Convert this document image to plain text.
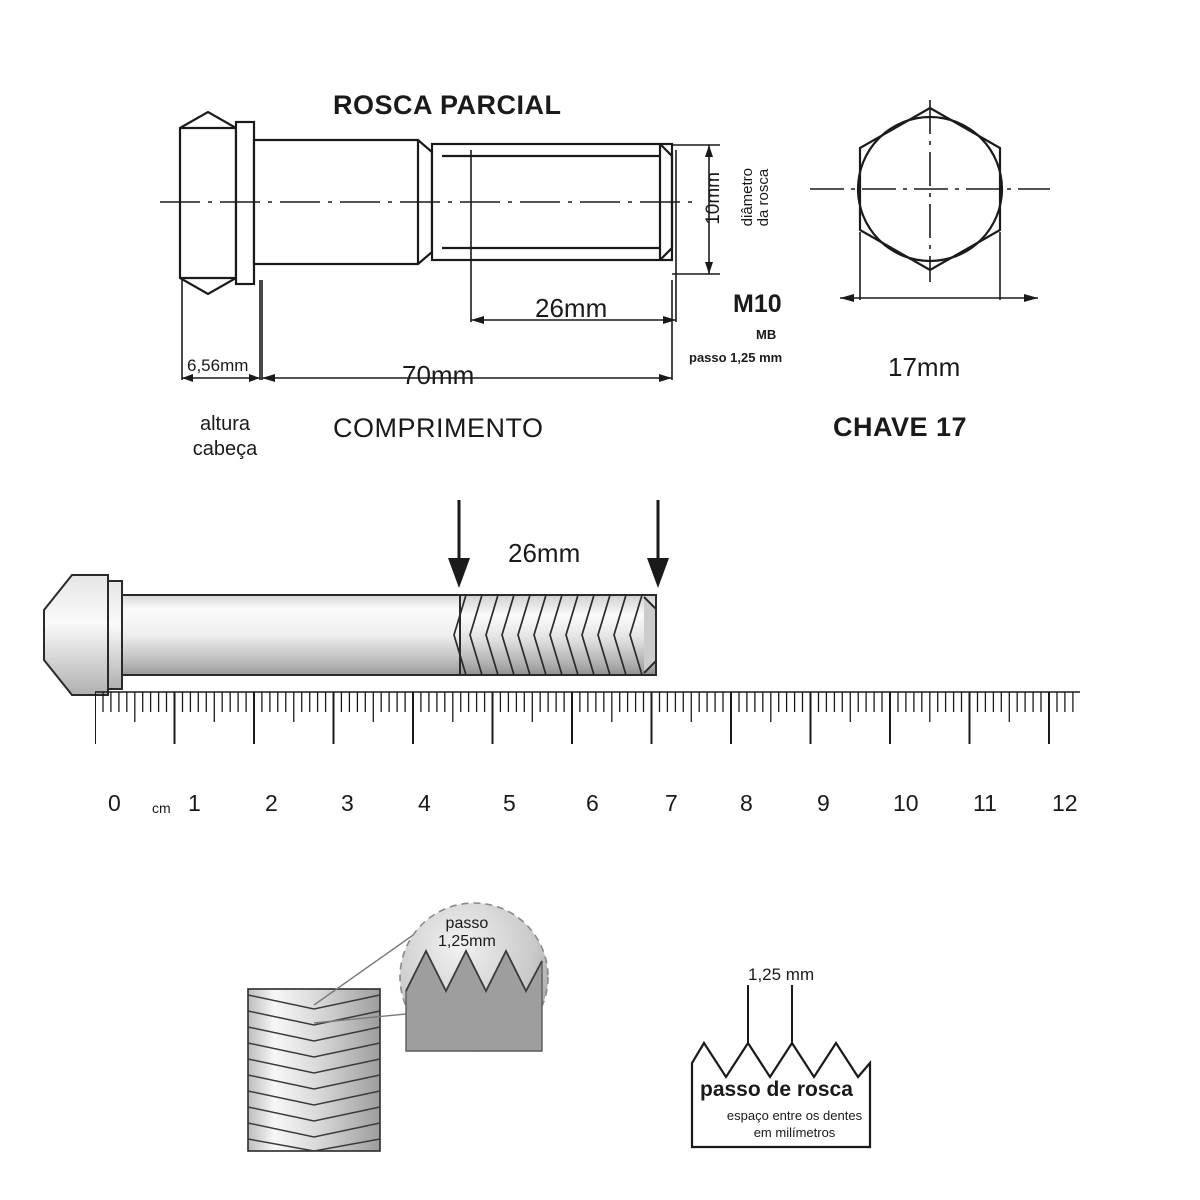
ROSCA PARCIAL
10mm diâmetro
da rosca
M10
MB
passo 1,25 mm
26mm
70mm
COMPRIMENTO
6,56mm
altura
cabeça
17mm
CHAVE 17
26mm
0 cm 1	2	3	4	5	6	7	8	9	10 11 12
passo
1,25mm
1,25 mm
passo de rosca
espaço entre os dentes
em milímetros
